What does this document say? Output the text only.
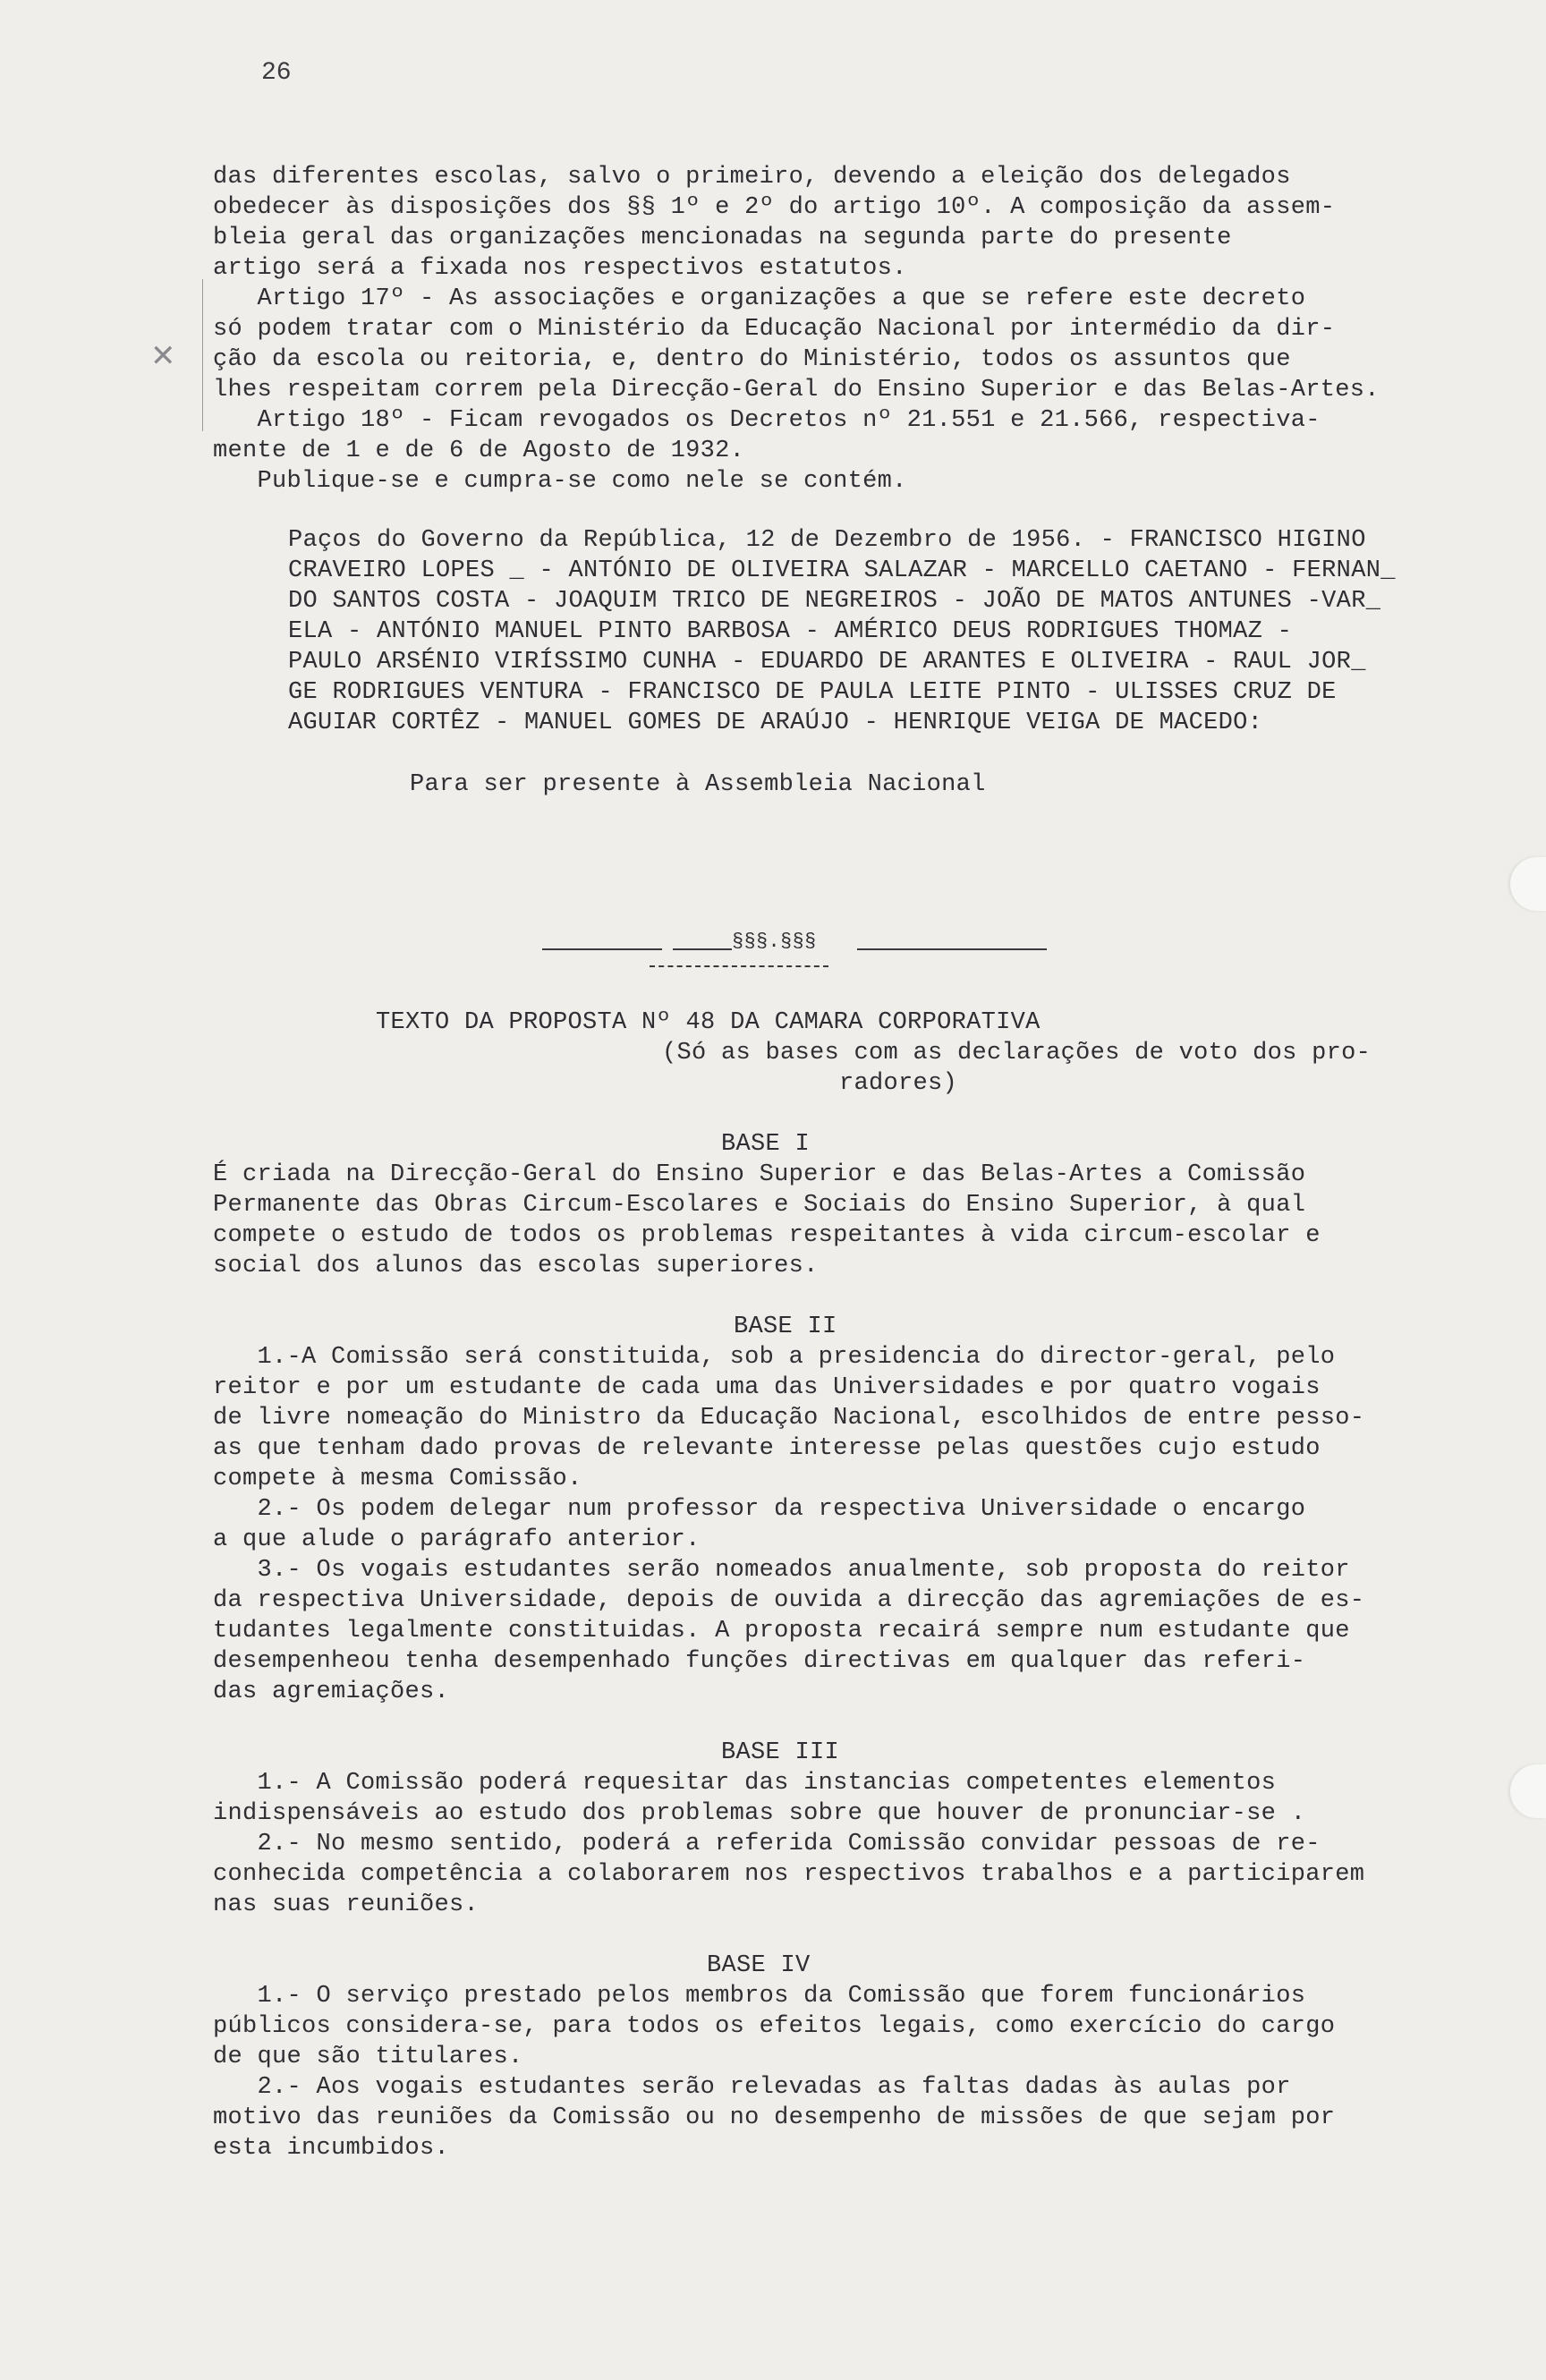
26
✕
das diferentes escolas, salvo o primeiro, devendo a eleição dos delegados
obedecer às disposições dos §§ 1º e 2º do artigo 10º. A composição da assem-
bleia geral das organizações mencionadas na segunda parte do presente
artigo será a fixada nos respectivos estatutos.
Artigo 17º - As associações e organizações a que se refere este decreto
só podem tratar com o Ministério da Educação Nacional por intermédio da dir-
ção da escola ou reitoria, e, dentro do Ministério, todos os assuntos que
lhes respeitam correm pela Direcção-Geral do Ensino Superior e das Belas-Artes.
Artigo 18º - Ficam revogados os Decretos nº 21.551 e 21.566, respectiva-
mente de 1 e de 6 de Agosto de 1932.
Publique-se e cumpra-se como nele se contém.
Paços do Governo da República, 12 de Dezembro de 1956. - FRANCISCO HIGINO
CRAVEIRO LOPES _ - ANTÓNIO DE OLIVEIRA SALAZAR - MARCELLO CAETANO - FERNAN_
DO SANTOS COSTA - JOAQUIM TRICO DE NEGREIROS - JOÃO DE MATOS ANTUNES -VAR_
ELA - ANTÓNIO MANUEL PINTO BARBOSA - AMÉRICO DEUS RODRIGUES THOMAZ -
PAULO ARSÉNIO VIRÍSSIMO CUNHA - EDUARDO DE ARANTES E OLIVEIRA - RAUL JOR_
GE RODRIGUES VENTURA - FRANCISCO DE PAULA LEITE PINTO - ULISSES CRUZ DE
AGUIAR CORTÊZ - MANUEL GOMES DE ARAÚJO - HENRIQUE VEIGA DE MACEDO:
Para ser presente à Assembleia Nacional
§§§.§§§
TEXTO DA PROPOSTA Nº 48 DA CAMARA CORPORATIVA
(Só as bases com as declarações de voto dos pro-
radores)
BASE I
É criada na Direcção-Geral do Ensino Superior e das Belas-Artes a Comissão
Permanente das Obras Circum-Escolares e Sociais do Ensino Superior, à qual
compete o estudo de todos os problemas respeitantes à vida circum-escolar e
social dos alunos das escolas superiores.
BASE II
1.-A Comissão será constituida, sob a presidencia do director-geral, pelo
reitor e por um estudante de cada uma das Universidades e por quatro vogais
de livre nomeação do Ministro da Educação Nacional, escolhidos de entre pesso-
as que tenham dado provas de relevante interesse pelas questões cujo estudo
compete à mesma Comissão.
2.- Os podem delegar num professor da respectiva Universidade o encargo
a que alude o parágrafo anterior.
3.- Os vogais estudantes serão nomeados anualmente, sob proposta do reitor
da respectiva Universidade, depois de ouvida a direcção das agremiações de es-
tudantes legalmente constituidas. A proposta recairá sempre num estudante que
desempenheou tenha desempenhado funções directivas em qualquer das referi-
das agremiações.
BASE III
1.- A Comissão poderá requesitar das instancias competentes elementos
indispensáveis ao estudo dos problemas sobre que houver de pronunciar-se .
2.- No mesmo sentido, poderá a referida Comissão convidar pessoas de re-
conhecida competência a colaborarem nos respectivos trabalhos e a participarem
nas suas reuniões.
BASE IV
1.- O serviço prestado pelos membros da Comissão que forem funcionários
públicos considera-se, para todos os efeitos legais, como exercício do cargo
de que são titulares.
2.- Aos vogais estudantes serão relevadas as faltas dadas às aulas por
motivo das reuniões da Comissão ou no desempenho de missões de que sejam por
esta incumbidos.
